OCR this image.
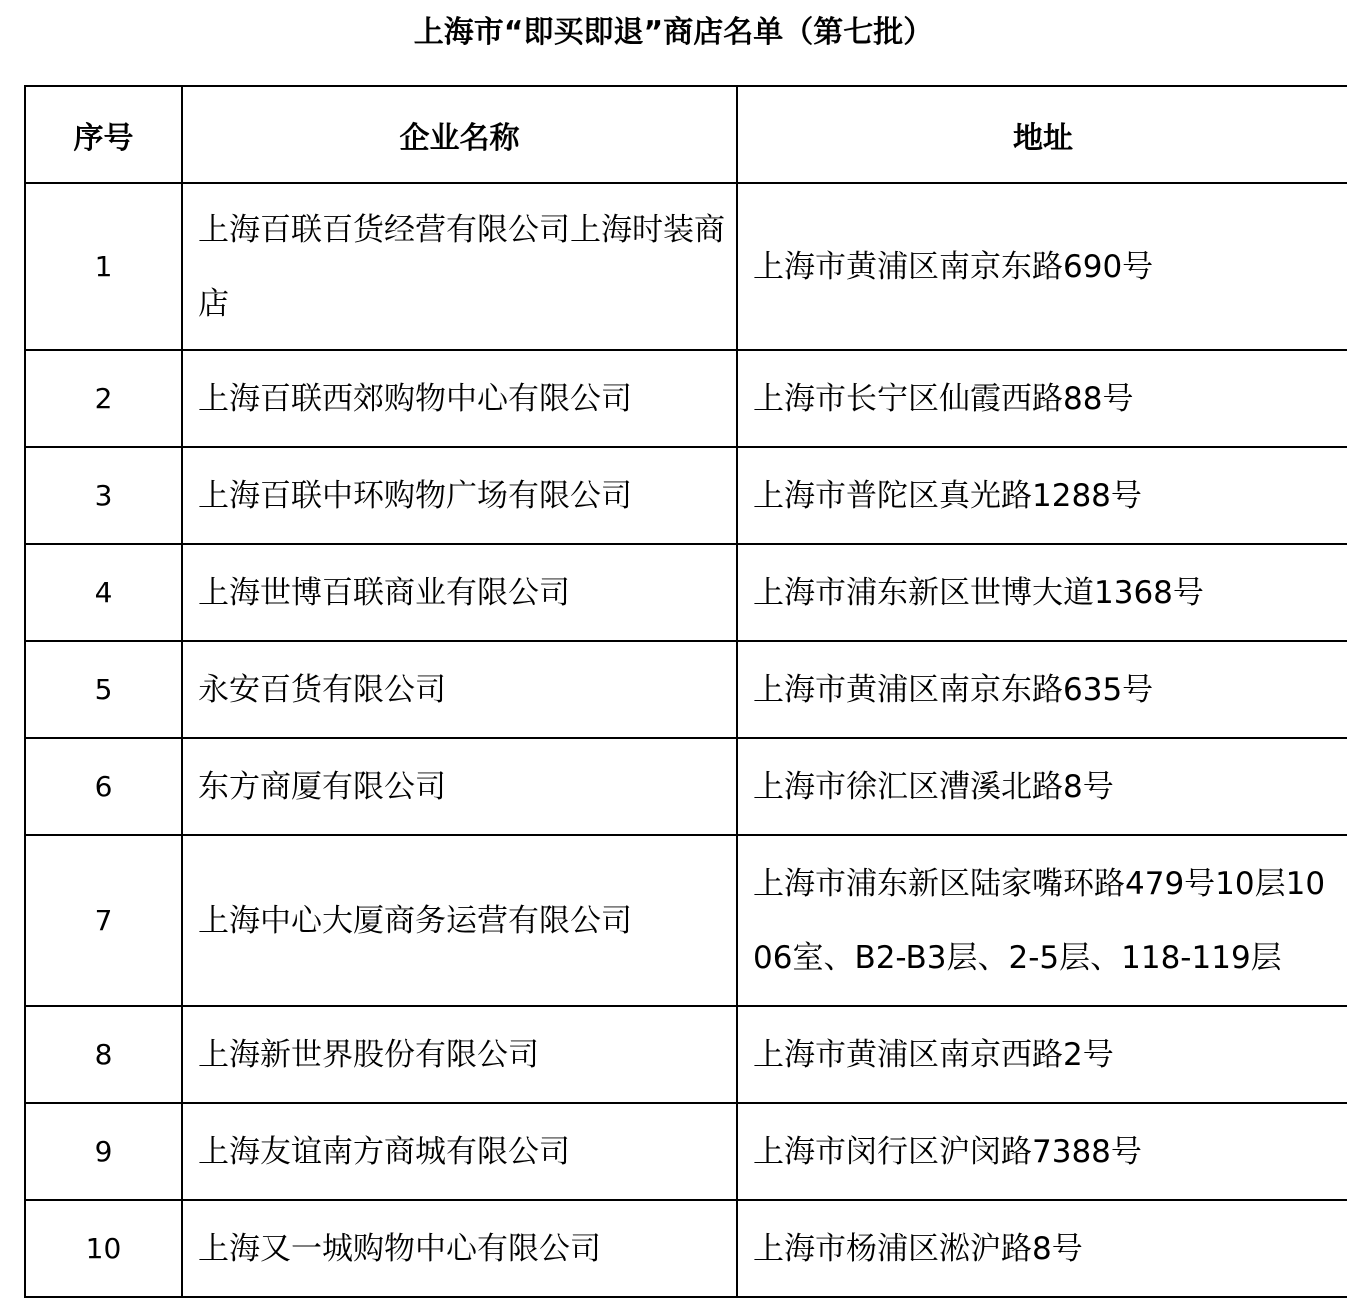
上海市“即买即退”商店名单（第七批）
序号	企业名称	地址
1	上海百联百货经营有限公司上海时装商店	上海市黄浦区南京东路690号
2	上海百联西郊购物中心有限公司	上海市长宁区仙霞西路88号
3	上海百联中环购物广场有限公司	上海市普陀区真光路1288号
4	上海世博百联商业有限公司	上海市浦东新区世博大道1368号
5	永安百货有限公司	上海市黄浦区南京东路635号
6	东方商厦有限公司	上海市徐汇区漕溪北路8号
7	上海中心大厦商务运营有限公司	上海市浦东新区陆家嘴环路479号10层1006室、B2-B3层、2-5层、118-119层
8	上海新世界股份有限公司	上海市黄浦区南京西路2号
9	上海友谊南方商城有限公司	上海市闵行区沪闵路7388号
10	上海又一城购物中心有限公司	上海市杨浦区淞沪路8号
